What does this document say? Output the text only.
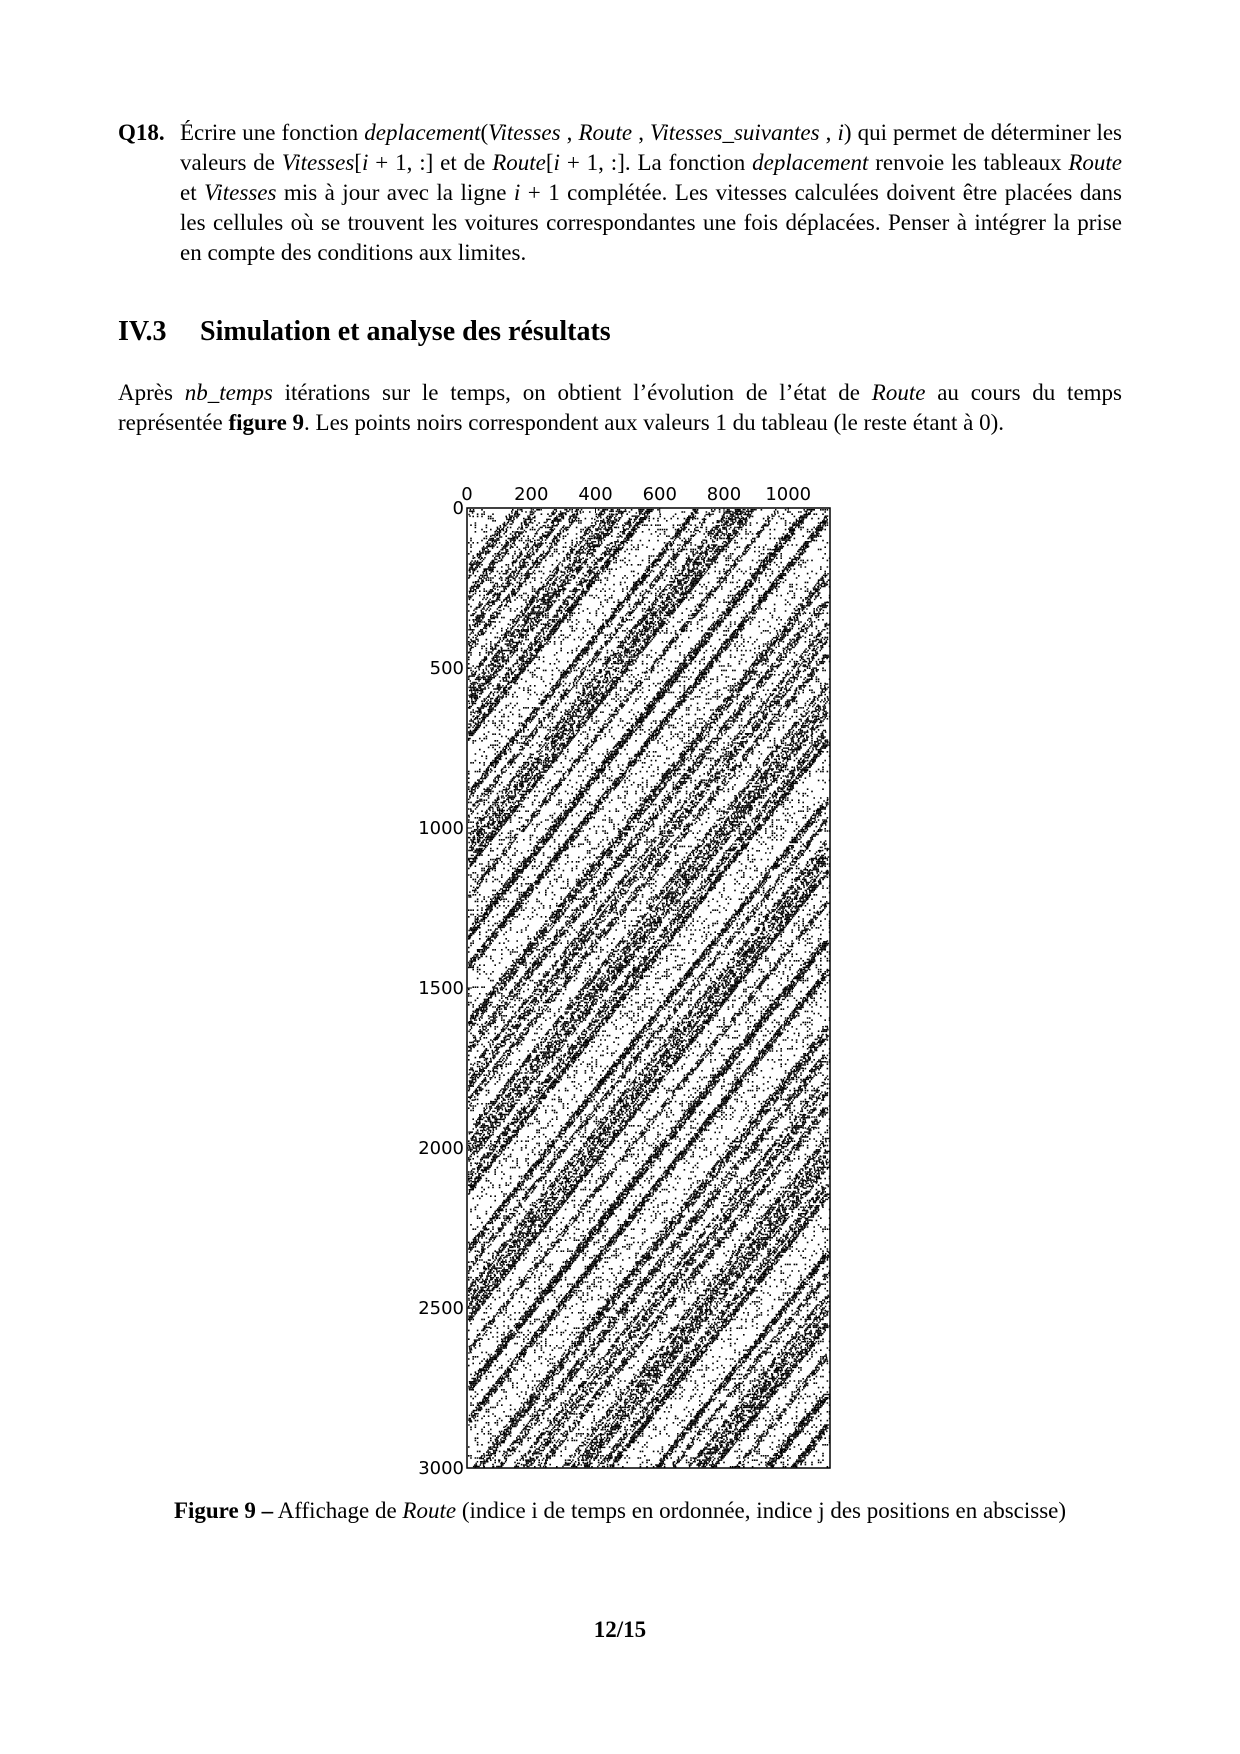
Q18. Écrire une fonction deplacement(Vitesses , Route , Vitesses_suivantes , i) qui permet de déterminer les valeurs de Vitesses[i + 1, :] et de Route[i + 1, :]. La fonction deplacement renvoie les tableaux Route et Vitesses mis à jour avec la ligne i + 1 complétée. Les vitesses calculées doivent être placées dans les cellules où se trouvent les voitures correspondantes une fois déplacées. Penser à intégrer la prise en compte des conditions aux limites.
IV.3 Simulation et analyse des résultats
Après nb_temps itérations sur le temps, on obtient l’évolution de l’état de Route au cours du temps représentée figure 9. Les points noirs correspondent aux valeurs 1 du tableau (le reste étant à 0).
0 200 400 600 800 1000
0
500
1000
1500
2000
2500
3000
Figure 9 – Affichage de Route (indice i de temps en ordonnée, indice j des positions en abscisse)
12/15
